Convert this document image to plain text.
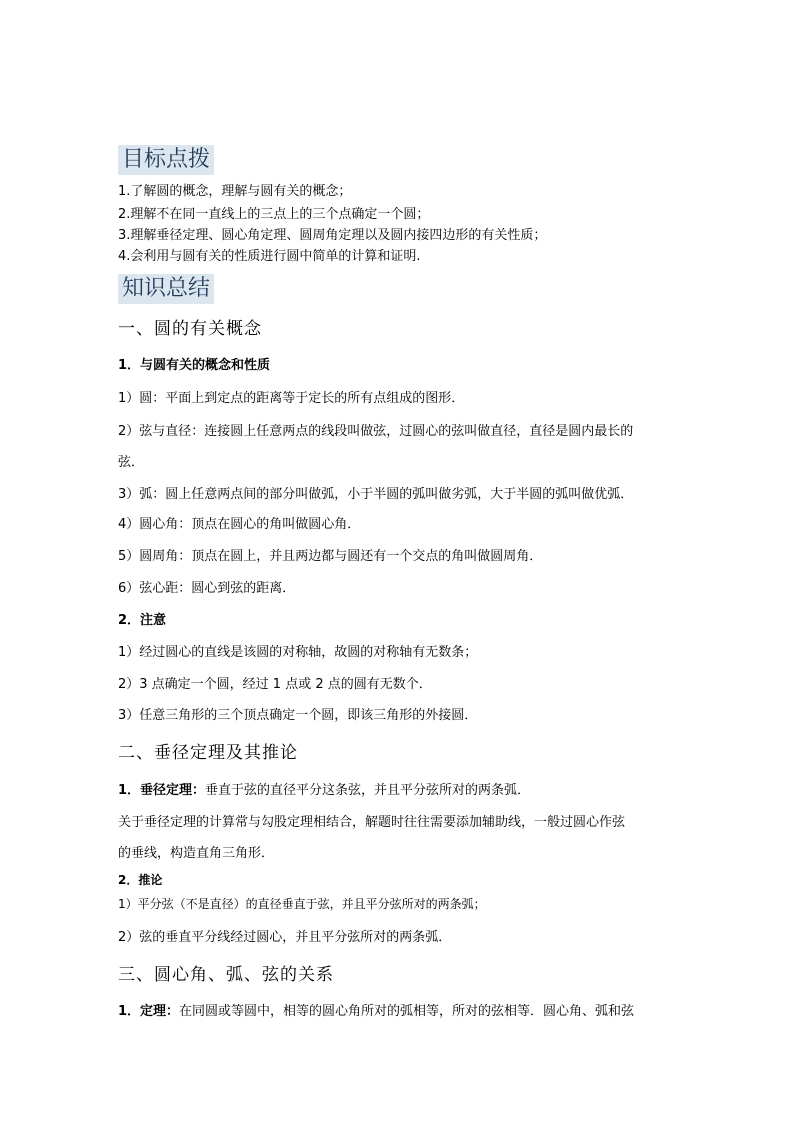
目标点拨
1.了解圆的概念，理解与圆有关的概念；
2.理解不在同一直线上的三点上的三个点确定一个圆；
3.理解垂径定理、圆心角定理、圆周角定理以及圆内接四边形的有关性质；
4.会利用与圆有关的性质进行圆中简单的计算和证明.
知识总结
一、圆的有关概念
1．与圆有关的概念和性质
1）圆：平面上到定点的距离等于定长的所有点组成的图形．
2）弦与直径：连接圆上任意两点的线段叫做弦，过圆心的弦叫做直径，直径是圆内最长的
弦．
3）弧：圆上任意两点间的部分叫做弧，小于半圆的弧叫做劣弧，大于半圆的弧叫做优弧．
4）圆心角：顶点在圆心的角叫做圆心角．
5）圆周角：顶点在圆上，并且两边都与圆还有一个交点的角叫做圆周角．
6）弦心距：圆心到弦的距离．
2．注意
1）经过圆心的直线是该圆的对称轴，故圆的对称轴有无数条；
2）3 点确定一个圆，经过 1 点或 2 点的圆有无数个．
3）任意三角形的三个顶点确定一个圆，即该三角形的外接圆．
二、垂径定理及其推论
1．垂径定理：垂直于弦的直径平分这条弦，并且平分弦所对的两条弧．
关于垂径定理的计算常与勾股定理相结合，解题时往往需要添加辅助线，一般过圆心作弦
的垂线，构造直角三角形．
2．推论
1）平分弦（不是直径）的直径垂直于弦，并且平分弦所对的两条弧；
2）弦的垂直平分线经过圆心，并且平分弦所对的两条弧．
三、圆心角、弧、弦的关系
1．定理：在同圆或等圆中，相等的圆心角所对的弧相等，所对的弦相等．圆心角、弧和弦
